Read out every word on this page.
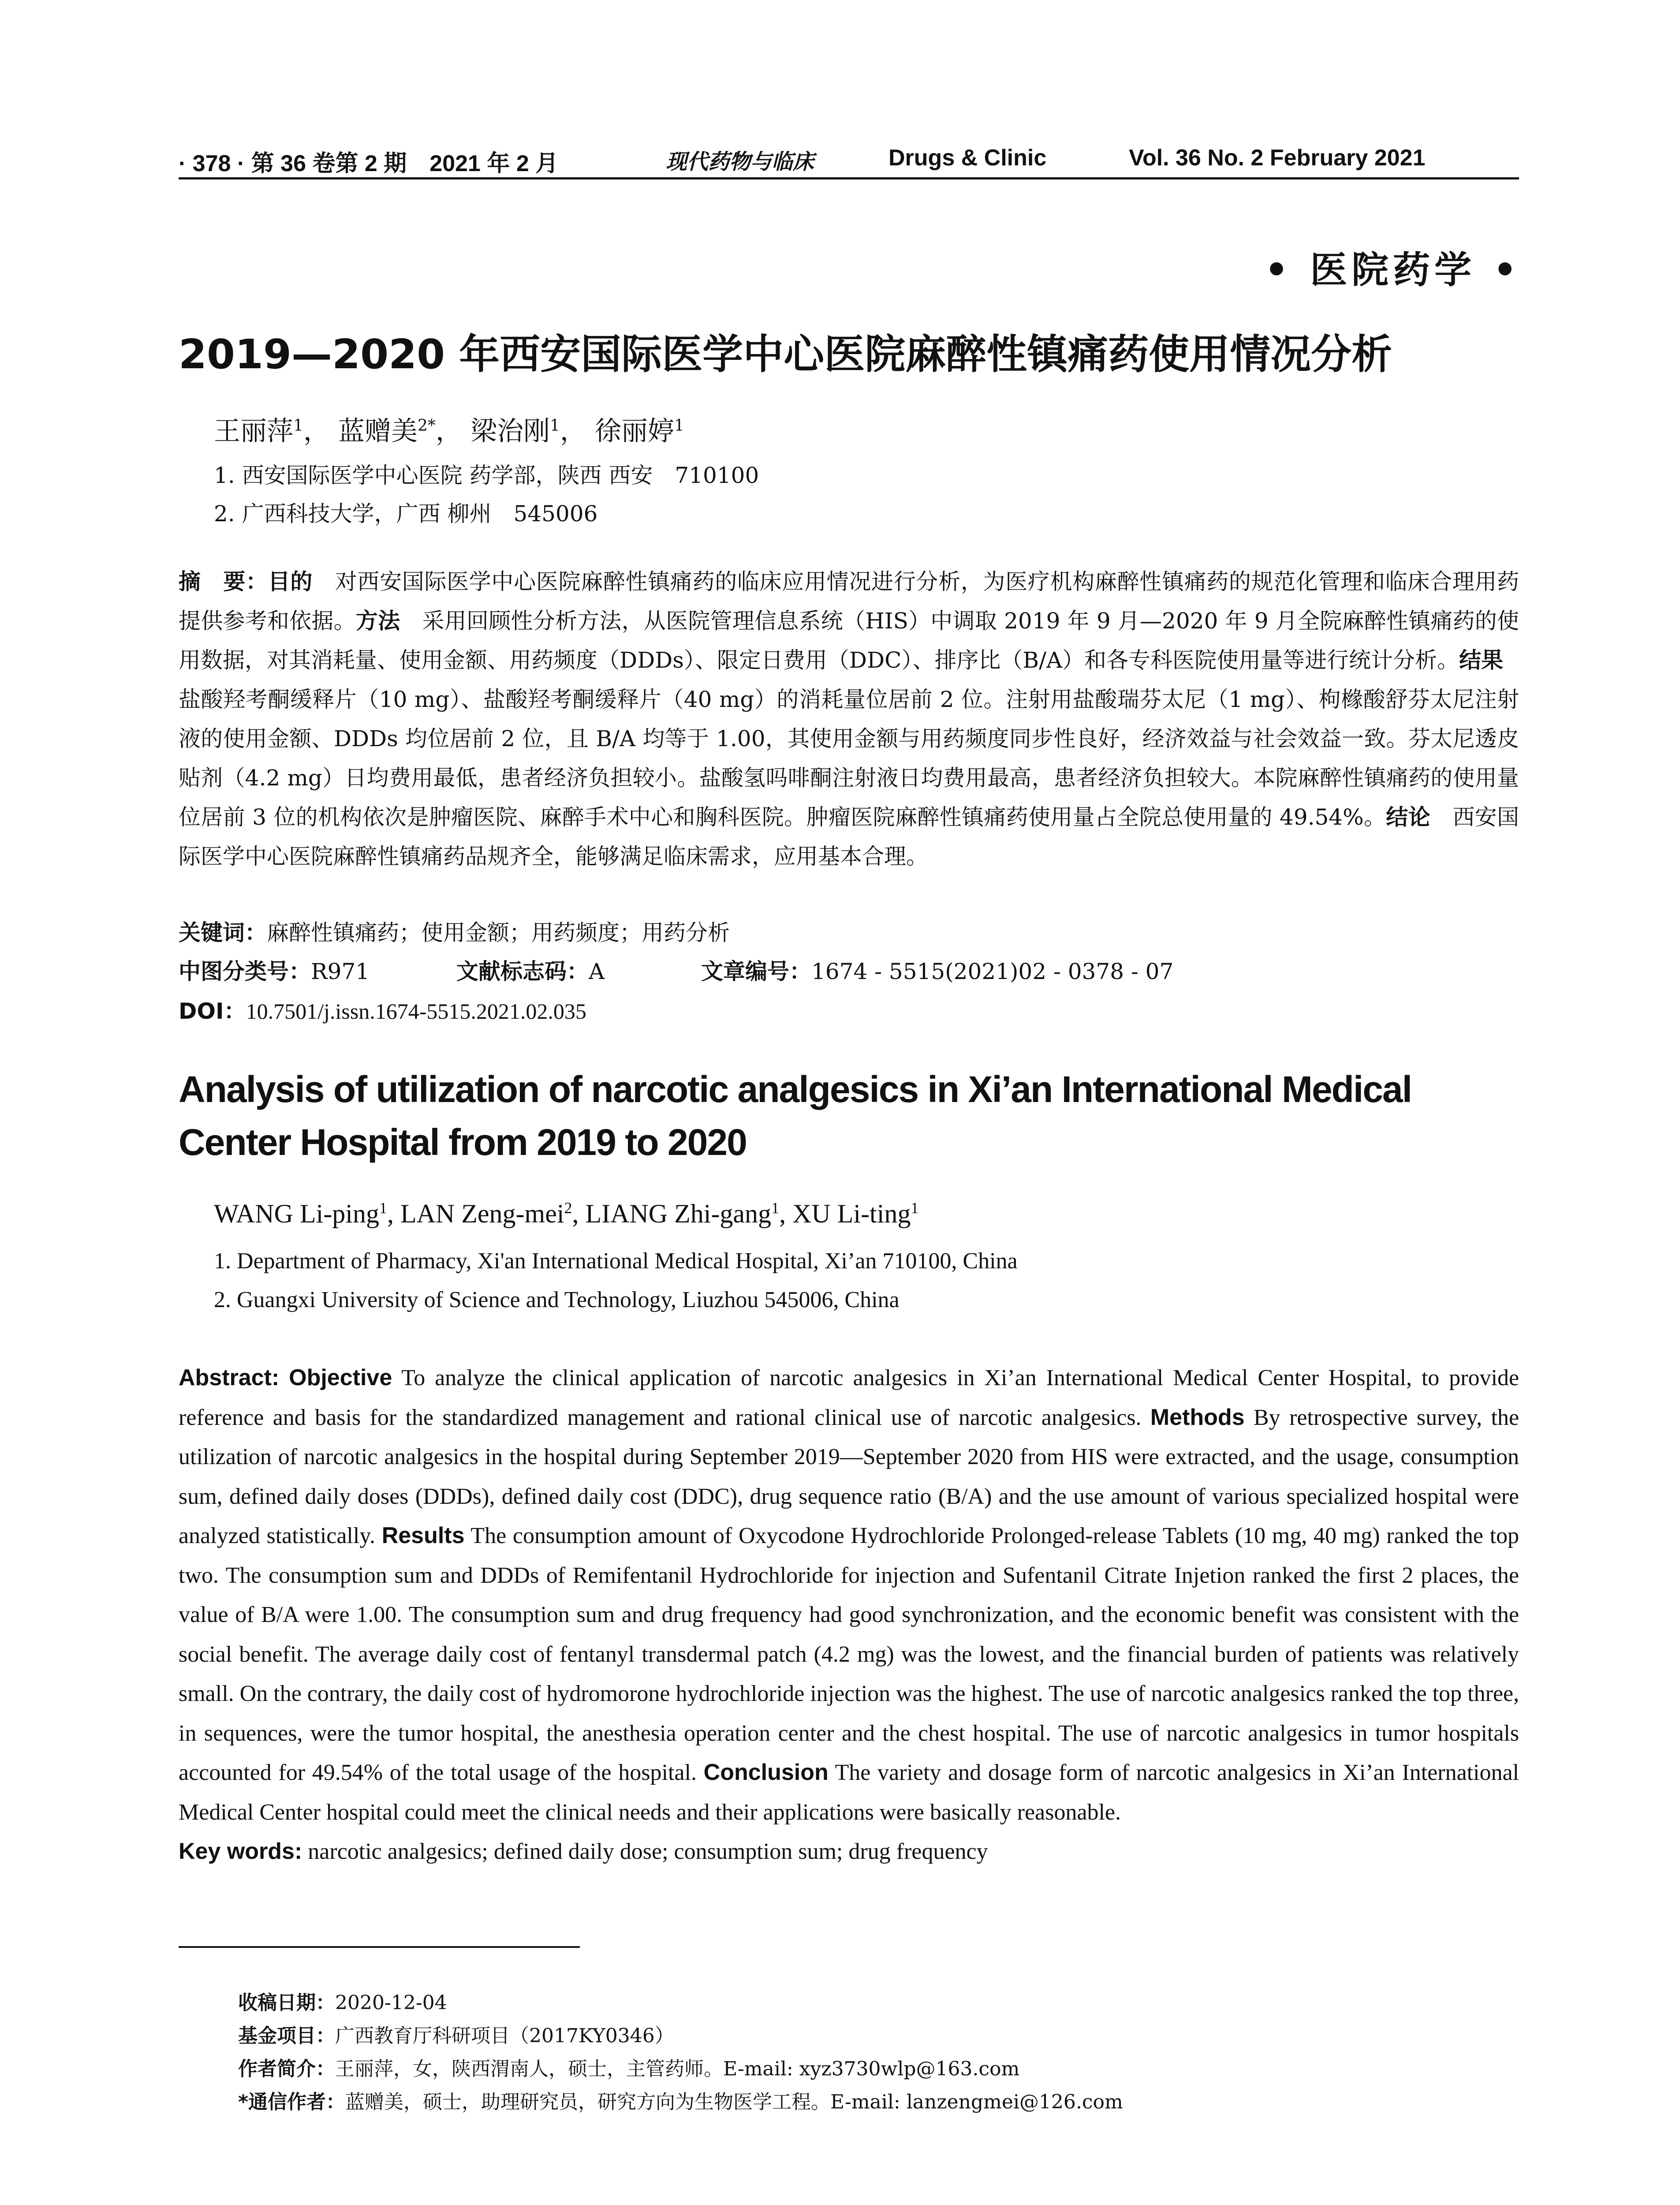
· 378 · 第 36 卷第 2 期　2021 年 2 月	现代药物与临床	Drugs & Clinic	Vol. 36 No. 2 February 2021
• 医院药学 •
2019—2020 年西安国际医学中心医院麻醉性镇痛药使用情况分析
王丽萍$^1$， 蓝赠美$^{2*}$， 梁治刚$^1$， 徐丽婷$^1$
1. 西安国际医学中心医院 药学部，陕西 西安　710100
2. 广西科技大学，广西 柳州　545006
摘　要：目的　对西安国际医学中心医院麻醉性镇痛药的临床应用情况进行分析，为医疗机构麻醉性镇痛药的规范化管理和临床合理用药提供参考和依据。方法　采用回顾性分析方法，从医院管理信息系统（HIS）中调取 2019 年 9 月—2020 年 9 月全院麻醉性镇痛药的使用数据，对其消耗量、使用金额、用药频度（DDDs）、限定日费用（DDC）、排序比（B/A）和各专科医院使用量等进行统计分析。结果　盐酸羟考酮缓释片（10 mg）、盐酸羟考酮缓释片（40 mg）的消耗量位居前 2 位。注射用盐酸瑞芬太尼（1 mg）、枸橼酸舒芬太尼注射液的使用金额、DDDs 均位居前 2 位，且 B/A 均等于 1.00，其使用金额与用药频度同步性良好，经济效益与社会效益一致。芬太尼透皮贴剂（4.2 mg）日均费用最低，患者经济负担较小。盐酸氢吗啡酮注射液日均费用最高，患者经济负担较大。本院麻醉性镇痛药的使用量位居前 3 位的机构依次是肿瘤医院、麻醉手术中心和胸科医院。肿瘤医院麻醉性镇痛药使用量占全院总使用量的 49.54%。结论　西安国际医学中心医院麻醉性镇痛药品规齐全，能够满足临床需求，应用基本合理。
关键词：麻醉性镇痛药；使用金额；用药频度；用药分析
中图分类号：R971	文献标志码：A	文章编号：1674 - 5515(2021)02 - 0378 - 07
DOI：10.7501/j.issn.1674-5515.2021.02.035
Analysis of utilization of narcotic analgesics in Xi’an International Medical Center Hospital from 2019 to 2020
WANG Li-ping$^1$, LAN Zeng-mei$^2$, LIANG Zhi-gang$^1$, XU Li-ting$^1$
1. Department of Pharmacy, Xi'an International Medical Hospital, Xi’an 710100, China
2. Guangxi University of Science and Technology, Liuzhou 545006, China
Abstract: Objective To analyze the clinical application of narcotic analgesics in Xi’an International Medical Center Hospital, to provide reference and basis for the standardized management and rational clinical use of narcotic analgesics. Methods By retrospective survey, the utilization of narcotic analgesics in the hospital during September 2019—September 2020 from HIS were extracted, and the usage, consumption sum, defined daily doses (DDDs), defined daily cost (DDC), drug sequence ratio (B/A) and the use amount of various specialized hospital were analyzed statistically. Results The consumption amount of Oxycodone Hydrochloride Prolonged-release Tablets (10 mg, 40 mg) ranked the top two. The consumption sum and DDDs of Remifentanil Hydrochloride for injection and Sufentanil Citrate Injetion ranked the first 2 places, the value of B/A were 1.00. The consumption sum and drug frequency had good synchronization, and the economic benefit was consistent with the social benefit. The average daily cost of fentanyl transdermal patch (4.2 mg) was the lowest, and the financial burden of patients was relatively small. On the contrary, the daily cost of hydromorone hydrochloride injection was the highest. The use of narcotic analgesics ranked the top three, in sequences, were the tumor hospital, the anesthesia operation center and the chest hospital. The use of narcotic analgesics in tumor hospitals accounted for 49.54% of the total usage of the hospital. Conclusion The variety and dosage form of narcotic analgesics in Xi’an International Medical Center hospital could meet the clinical needs and their applications were basically reasonable.
Key words: narcotic analgesics; defined daily dose; consumption sum; drug frequency
收稿日期：2020-12-04
基金项目：广西教育厅科研项目（2017KY0346）
作者简介：王丽萍，女，陕西渭南人，硕士，主管药师。E-mail: xyz3730wlp@163.com
*通信作者：蓝赠美，硕士，助理研究员，研究方向为生物医学工程。E-mail: lanzengmei@126.com
